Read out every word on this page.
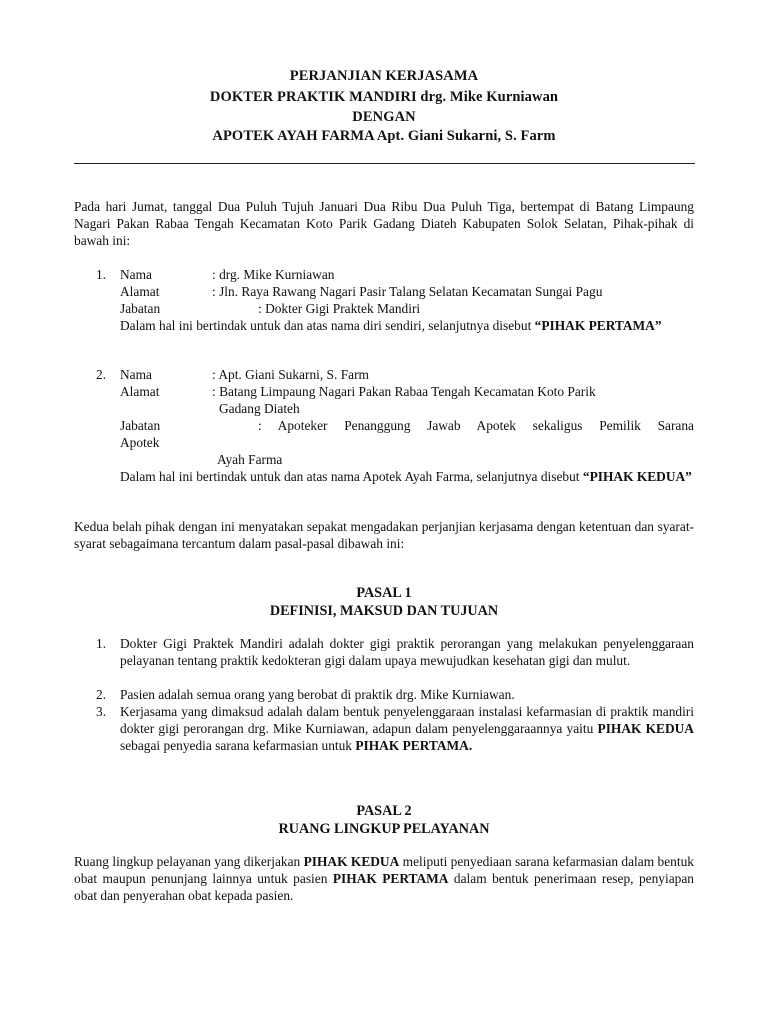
PERJANJIAN KERJASAMA
DOKTER PRAKTIK MANDIRI drg. Mike Kurniawan
DENGAN
APOTEK AYAH FARMA Apt. Giani Sukarni, S. Farm
Pada hari Jumat, tanggal Dua Puluh Tujuh Januari Dua Ribu Dua Puluh Tiga, bertempat di Batang Limpaung Nagari Pakan Rabaa Tengah Kecamatan Koto Parik Gadang Diateh Kabupaten Solok Selatan, Pihak-pihak di bawah ini:
1. Nama	: drg. Mike Kurniawan
Alamat	: Jln. Raya Rawang Nagari Pasir Talang Selatan Kecamatan Sungai Pagu
Jabatan	: Dokter Gigi Praktek Mandiri
Dalam hal ini bertindak untuk dan atas nama diri sendiri, selanjutnya disebut “PIHAK PERTAMA”
2. Nama	: Apt. Giani Sukarni, S. Farm
Alamat	: Batang Limpaung Nagari Pakan Rabaa Tengah Kecamatan Koto Parik
Gadang Diateh
Jabatan	: Apoteker Penanggung Jawab Apotek sekaligus Pemilik Sarana
Apotek
Ayah Farma
Dalam hal ini bertindak untuk dan atas nama Apotek Ayah Farma, selanjutnya disebut “PIHAK KEDUA”
Kedua belah pihak dengan ini menyatakan sepakat mengadakan perjanjian kerjasama dengan ketentuan dan syarat-syarat sebagaimana tercantum dalam pasal-pasal dibawah ini:
PASAL 1
DEFINISI, MAKSUD DAN TUJUAN
1. Dokter Gigi Praktek Mandiri adalah dokter gigi praktik perorangan yang melakukan penyelenggaraan pelayanan tentang praktik kedokteran gigi dalam upaya mewujudkan kesehatan gigi dan mulut.
2. Pasien adalah semua orang yang berobat di praktik drg. Mike Kurniawan.
3. Kerjasama yang dimaksud adalah dalam bentuk penyelenggaraan instalasi kefarmasian di praktik mandiri dokter gigi perorangan drg. Mike Kurniawan, adapun dalam penyelenggaraannya yaitu PIHAK KEDUA sebagai penyedia sarana kefarmasian untuk PIHAK PERTAMA.
PASAL 2
RUANG LINGKUP PELAYANAN
Ruang lingkup pelayanan yang dikerjakan PIHAK KEDUA meliputi penyediaan sarana kefarmasian dalam bentuk obat maupun penunjang lainnya untuk pasien PIHAK PERTAMA dalam bentuk penerimaan resep, penyiapan obat dan penyerahan obat kepada pasien.
